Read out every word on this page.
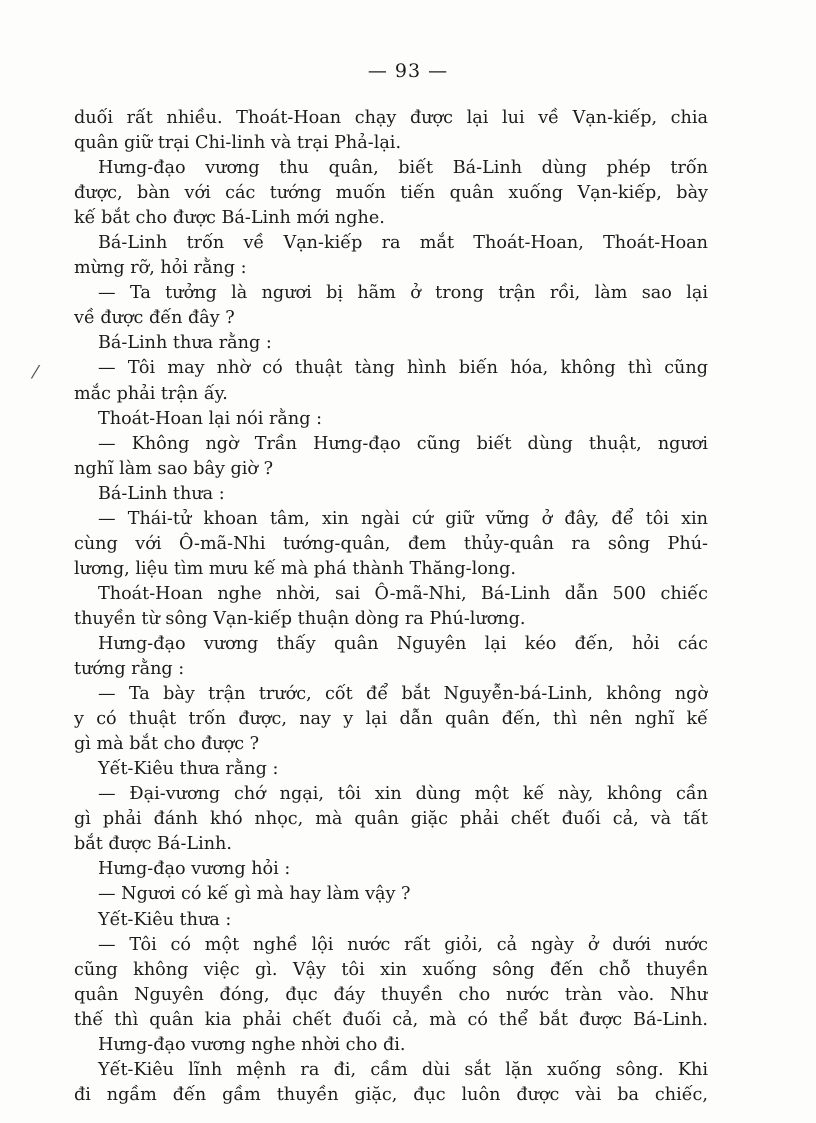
— 93 —
duối rất nhiều. Thoát-Hoan chạy được lại lui về Vạn-kiếp, chia
quân giữ trại Chi-linh và trại Phả-lại.
Hưng-đạo vương thu quân, biết Bá-Linh dùng phép trốn
được, bàn với các tướng muốn tiến quân xuống Vạn-kiếp, bày
kế bắt cho được Bá-Linh mới nghe.
Bá-Linh trốn về Vạn-kiếp ra mắt Thoát-Hoan, Thoát-Hoan
mừng rỡ, hỏi rằng :
— Ta tưởng là ngươi bị hãm ở trong trận rồi, làm sao lại
về được đến đây ?
Bá-Linh thưa rằng :
— Tôi may nhờ có thuật tàng hình biến hóa, không thì cũng
mắc phải trận ấy.
Thoát-Hoan lại nói rằng :
— Không ngờ Trần Hưng-đạo cũng biết dùng thuật, ngươi
nghĩ làm sao bây giờ ?
Bá-Linh thưa :
— Thái-tử khoan tâm, xin ngài cứ giữ vững ở đây, để tôi xin
cùng với Ô-mã-Nhi tướng-quân, đem thủy-quân ra sông Phú-
lương, liệu tìm mưu kế mà phá thành Thăng-long.
Thoát-Hoan nghe nhời, sai Ô-mã-Nhi, Bá-Linh dẫn 500 chiếc
thuyền từ sông Vạn-kiếp thuận dòng ra Phú-lương.
Hưng-đạo vương thấy quân Nguyên lại kéo đến, hỏi các
tướng rằng :
— Ta bày trận trước, cốt để bắt Nguyễn-bá-Linh, không ngờ
y có thuật trốn được, nay y lại dẫn quân đến, thì nên nghĩ kế
gì mà bắt cho được ?
Yết-Kiêu thưa rằng :
— Đại-vương chớ ngại, tôi xin dùng một kế này, không cần
gì phải đánh khó nhọc, mà quân giặc phải chết đuối cả, và tất
bắt được Bá-Linh.
Hưng-đạo vương hỏi :
— Ngươi có kế gì mà hay làm vậy ?
Yết-Kiêu thưa :
— Tôi có một nghề lội nước rất giỏi, cả ngày ở dưới nước
cũng không việc gì. Vậy tôi xin xuống sông đến chỗ thuyền
quân Nguyên đóng, đục đáy thuyền cho nước tràn vào. Như
thế thì quân kia phải chết đuối cả, mà có thể bắt được Bá-Linh.
Hưng-đạo vương nghe nhời cho đi.
Yết-Kiêu lĩnh mệnh ra đi, cầm dùi sắt lặn xuống sông. Khi
đi ngầm đến gầm thuyền giặc, đục luôn được vài ba chiếc,
⁄
